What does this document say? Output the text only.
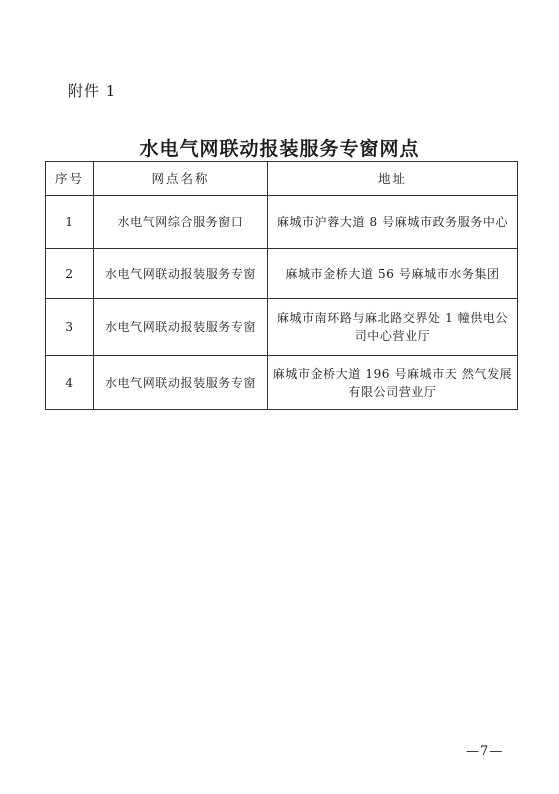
附件 1
水电气网联动报装服务专窗网点
序号	网点名称	地址
1	水电气网综合服务窗口	麻城市沪蓉大道 8 号麻城市政务服务中心
2	水电气网联动报装服务专窗	麻城市金桥大道 56 号麻城市水务集团
3	水电气网联动报装服务专窗	麻城市南环路与麻北路交界处 1 幢供电公司中心营业厅
4	水电气网联动报装服务专窗	麻城市金桥大道 196 号麻城市天 然气发展有限公司营业厅
—7—
